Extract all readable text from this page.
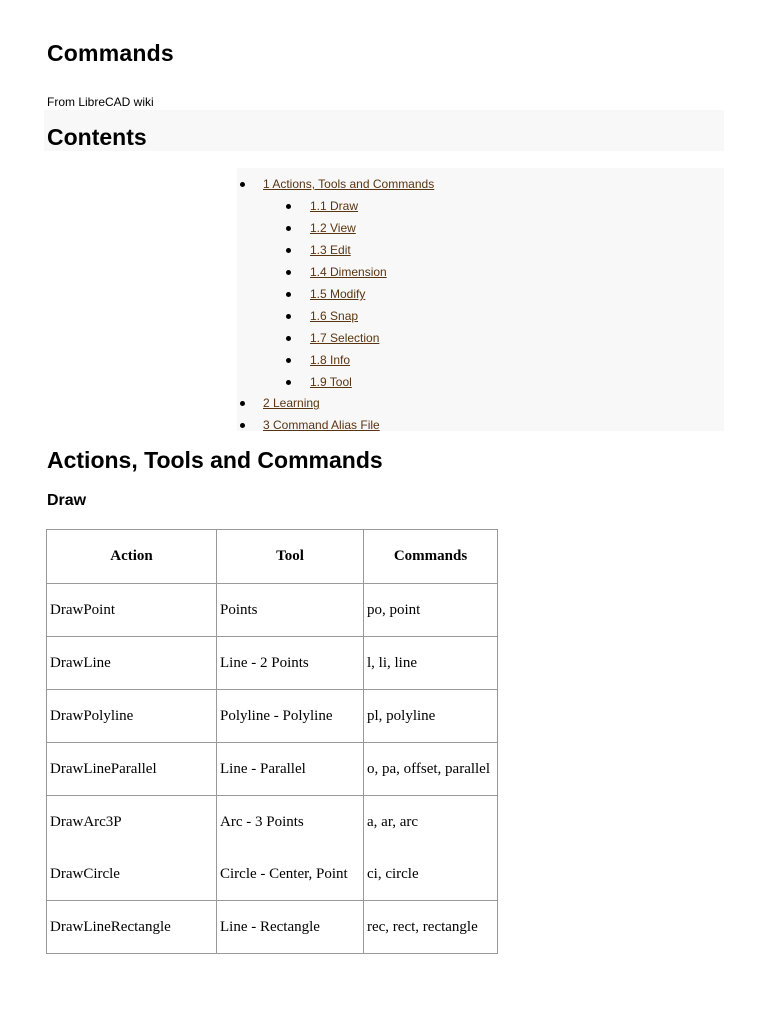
Commands
From LibreCAD wiki
Contents
1 Actions, Tools and Commands
1.1 Draw
1.2 View
1.3 Edit
1.4 Dimension
1.5 Modify
1.6 Snap
1.7 Selection
1.8 Info
1.9 Tool
2 Learning
3 Command Alias File
Actions, Tools and Commands
Draw
Action	Tool	Commands
DrawPoint	Points	po, point
DrawLine	Line - 2 Points	l, li, line
DrawPolyline	Polyline - Polyline	pl, polyline
DrawLineParallel	Line - Parallel	o, pa, offset, parallel
DrawArc3P	Arc - 3 Points	a, ar, arc
DrawCircle	Circle - Center, Point	ci, circle
DrawLineRectangle	Line - Rectangle	rec, rect, rectangle
